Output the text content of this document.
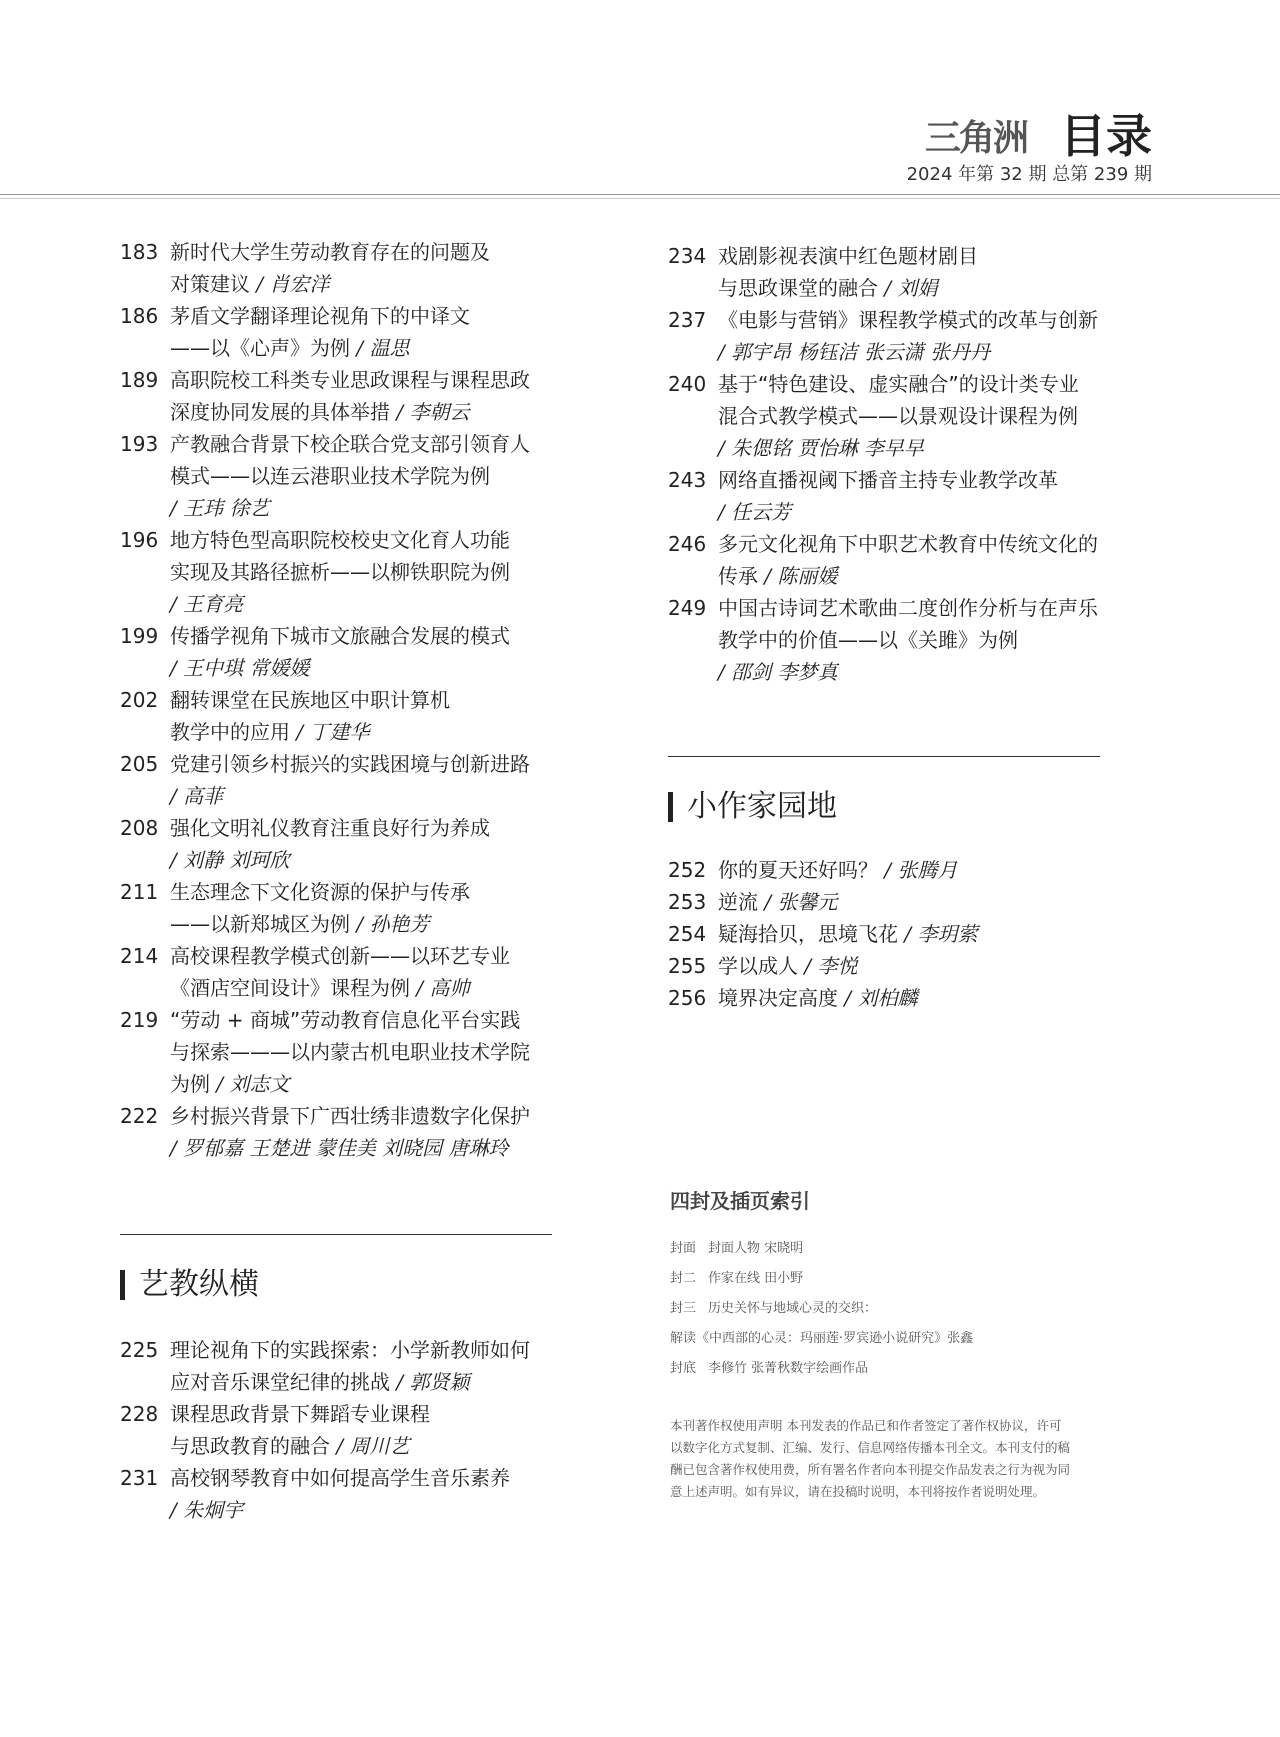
三角洲 目录
2024 年第 32 期 总第 239 期
183 新时代大学生劳动教育存在的问题及
对策建议 / 肖宏洋
186 茅盾文学翻译理论视角下的中译文
——以《心声》为例 / 温思
189 高职院校工科类专业思政课程与课程思政
深度协同发展的具体举措 / 李朝云
193 产教融合背景下校企联合党支部引领育人
模式——以连云港职业技术学院为例
/ 王玮 徐艺
196 地方特色型高职院校校史文化育人功能
实现及其路径摭析——以柳铁职院为例
/ 王育亮
199 传播学视角下城市文旅融合发展的模式
/ 王中琪 常媛媛
202 翻转课堂在民族地区中职计算机
教学中的应用 / 丁建华
205 党建引领乡村振兴的实践困境与创新进路
/ 高菲
208 强化文明礼仪教育注重良好行为养成
/ 刘静 刘珂欣
211 生态理念下文化资源的保护与传承
——以新郑城区为例 / 孙艳芳
214 高校课程教学模式创新——以环艺专业
《酒店空间设计》课程为例 / 高帅
219 “劳动 + 商城”劳动教育信息化平台实践
与探索———以内蒙古机电职业技术学院
为例 / 刘志文
222 乡村振兴背景下广西壮绣非遗数字化保护
/ 罗郁嘉 王楚进 蒙佳美 刘晓园 唐琳玲
艺教纵横
225 理论视角下的实践探索：小学新教师如何
应对音乐课堂纪律的挑战 / 郭贤颖
228 课程思政背景下舞蹈专业课程
与思政教育的融合 / 周川艺
231 高校钢琴教育中如何提高学生音乐素养
/ 朱炯宇
234 戏剧影视表演中红色题材剧目
与思政课堂的融合 / 刘娟
237 《电影与营销》课程教学模式的改革与创新
/ 郭宇昂 杨钰洁 张云潇 张丹丹
240 基于“特色建设、虚实融合”的设计类专业
混合式教学模式——以景观设计课程为例
/ 朱偲铭 贾怡琳 李早早
243 网络直播视阈下播音主持专业教学改革
/ 任云芳
246 多元文化视角下中职艺术教育中传统文化的
传承 / 陈丽媛
249 中国古诗词艺术歌曲二度创作分析与在声乐
教学中的价值——以《关雎》为例
/ 邵剑 李梦真
小作家园地
252 你的夏天还好吗？ / 张腾月
253 逆流 / 张馨元
254 疑海拾贝，思境飞花 / 李玥萦
255 学以成人 / 李悦
256 境界决定高度 / 刘柏麟
四封及插页索引
封面 封面人物 宋晓明
封二 作家在线 田小野
封三 历史关怀与地域心灵的交织：
解读《中西部的心灵：玛丽莲·罗宾逊小说研究》张鑫
封底 李修竹 张菁秋数字绘画作品
本刊著作权使用声明 本刊发表的作品已和作者签定了著作权协议，许可以数字化方式复制、汇编、发行、信息网络传播本刊全文。本刊支付的稿酬已包含著作权使用费，所有署名作者向本刊提交作品发表之行为视为同意上述声明。如有异议，请在投稿时说明，本刊将按作者说明处理。
